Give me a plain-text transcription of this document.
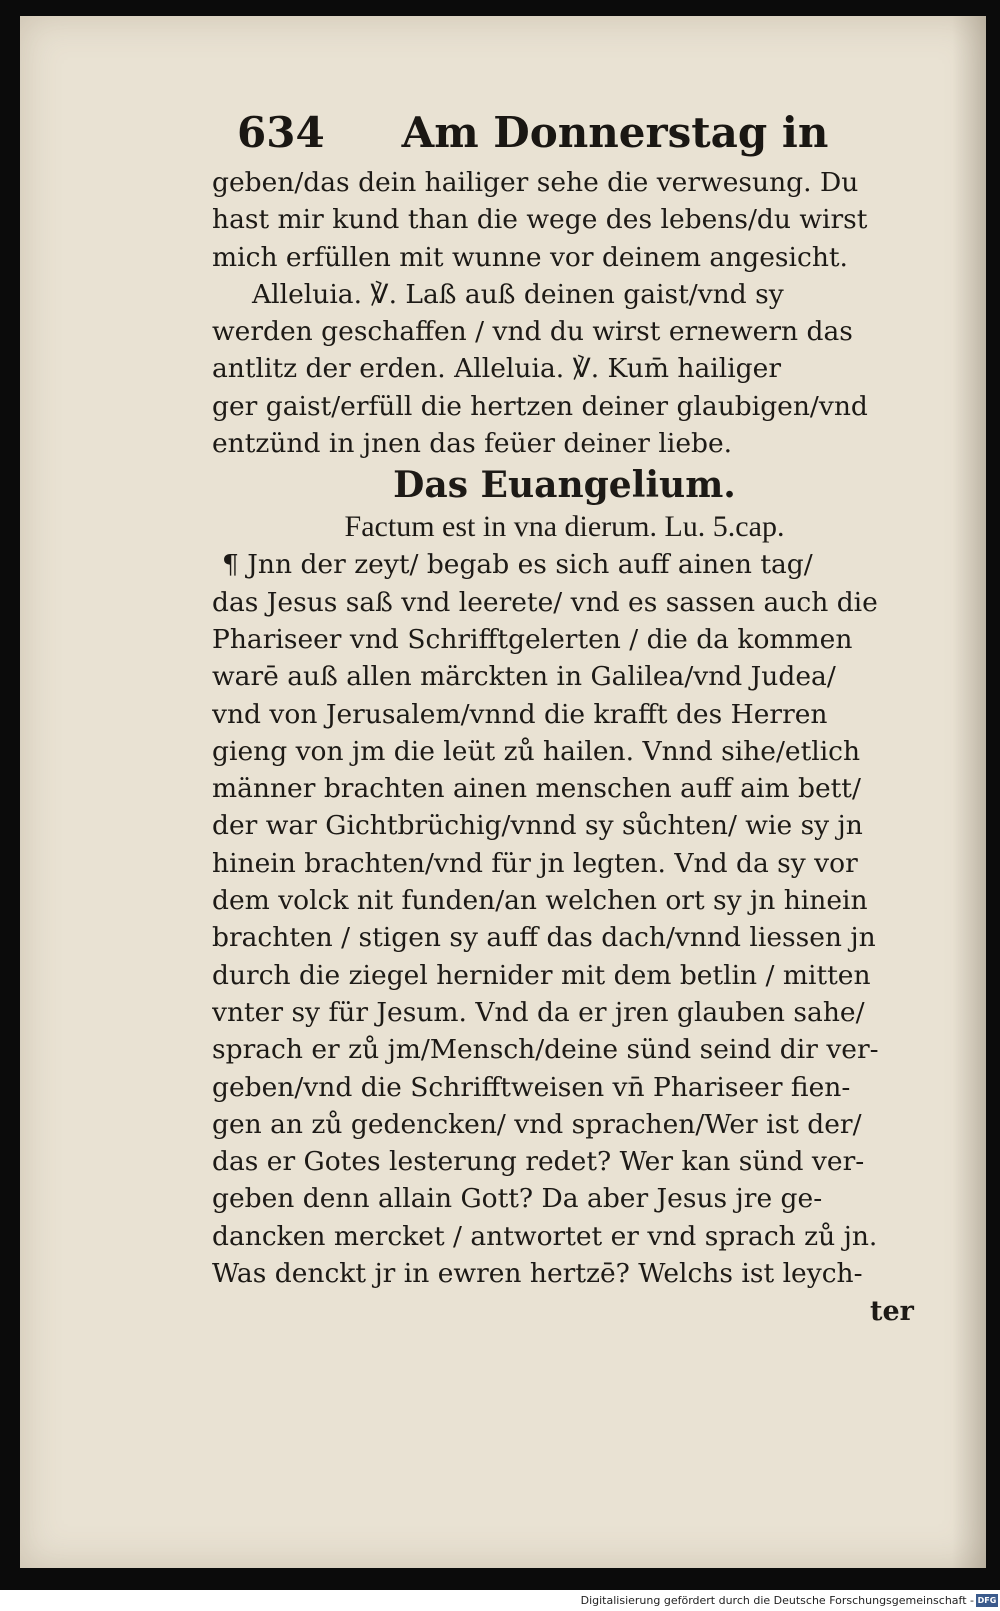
634 Am Donnerstag in
geben/das dein hailiger sehe die verwesung. Du
hast mir kund than die wege des lebens/du wirst
mich erfüllen mit wunne vor deinem angesicht.
Alleluia. ℣. Laß auß deinen gaist/vnd sy
werden geschaffen / vnd du wirst ernewern das
antlitz der erden. Alleluia. ℣. Kum̄ hailiger
ger gaist/erfüll die hertzen deiner glaubigen/vnd
entzünd in jnen das feüer deiner liebe.
Das Euangelium.
Factum est in vna dierum. Lu. 5.cap.
¶ Jnn der zeyt/ begab es sich auff ainen tag/
das Jesus saß vnd leerete/ vnd es sassen auch die
Phariseer vnd Schrifftgelerten / die da kommen
warē auß allen märckten in Galilea/vnd Judea/
vnd von Jerusalem/vnnd die krafft des Herren
gieng von jm die leüt zů hailen. Vnnd sihe/etlich
männer brachten ainen menschen auff aim bett/
der war Gichtbrüchig/vnnd sy sůchten/ wie sy jn
hinein brachten/vnd für jn legten. Vnd da sy vor
dem volck nit funden/an welchen ort sy jn hinein
brachten / stigen sy auff das dach/vnnd liessen jn
durch die ziegel hernider mit dem betlin / mitten
vnter sy für Jesum. Vnd da er jren glauben sahe/
sprach er zů jm/Mensch/deine sünd seind dir ver-
geben/vnd die Schrifftweisen vn̄ Phariseer fien-
gen an zů gedencken/ vnd sprachen/Wer ist der/
das er Gotes lesterung redet? Wer kan sünd ver-
geben denn allain Gott? Da aber Jesus jre ge-
dancken mercket / antwortet er vnd sprach zů jn.
Was denckt jr in ewren hertzē? Welchs ist leych-
ter
Digitalisierung gefördert durch die Deutsche Forschungsgemeinschaft - DFG
